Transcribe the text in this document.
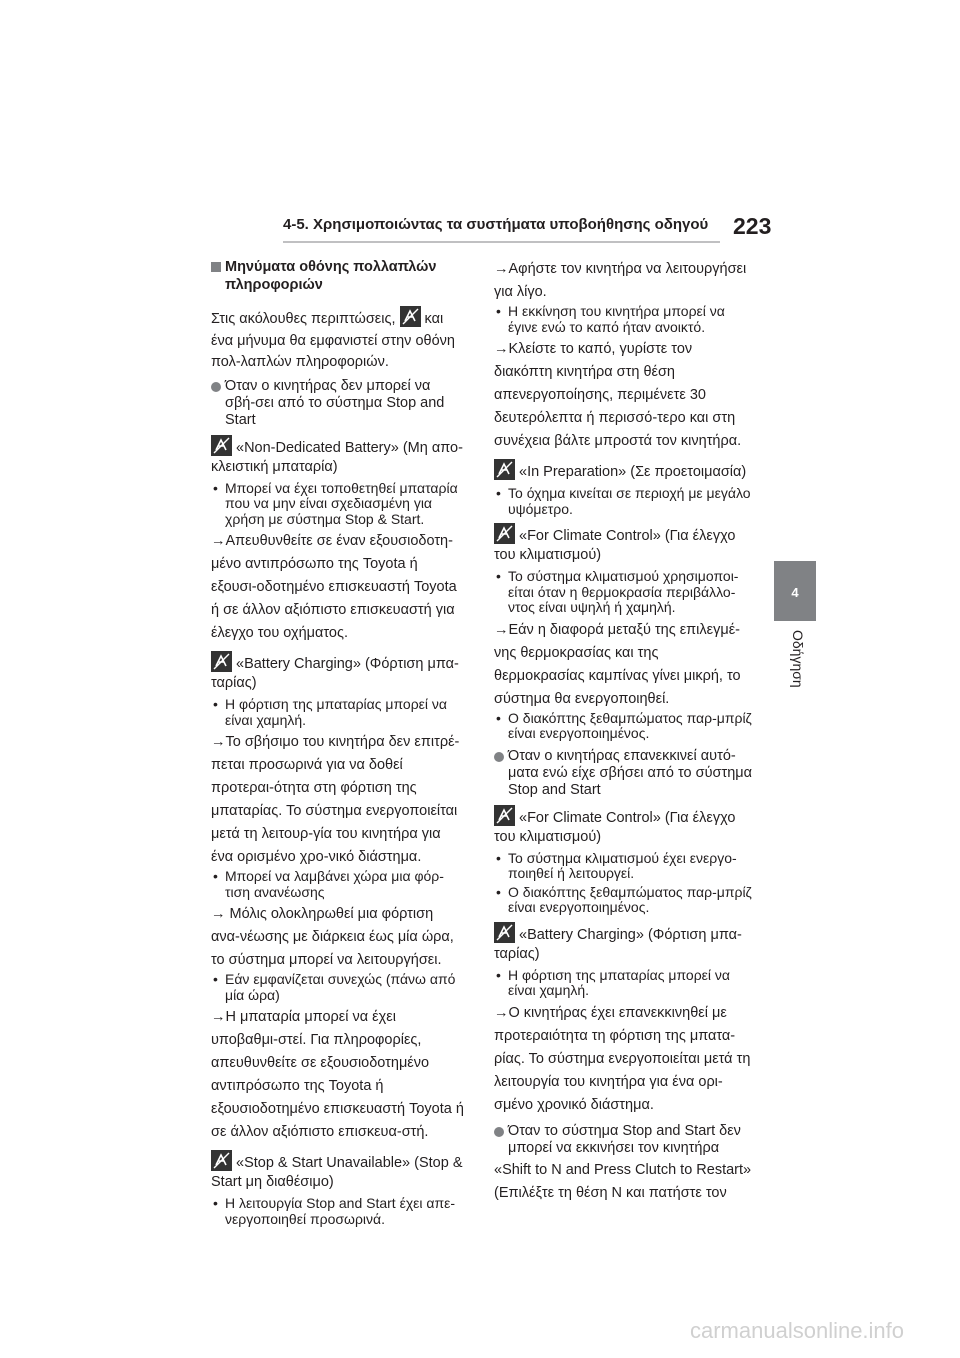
4-5. Χρησιμοποιώντας τα συστήματα υποβοήθησης οδηγού 223
4
Οδήγηση
Μηνύματα οθόνης πολλαπλών πληροφοριών

Στις ακόλουθες περιπτώσεις, και ένα μήνυμα θα εμφανιστεί στην οθόνη πολ-λαπλών πληροφοριών.

Όταν ο κινητήρας δεν μπορεί να σβή-σει από το σύστημα Stop and Start

«Non-Dedicated Battery» (Μη απο-κλειστική μπαταρία)

• Μπορεί να έχει τοποθετηθεί μπαταρία που να μην είναι σχεδιασμένη για χρήση με σύστημα Stop & Start.

→Απευθυνθείτε σε έναν εξουσιοδοτη-μένο αντιπρόσωπο της Toyota ή εξουσι-οδοτημένο επισκευαστή Toyota ή σε άλλον αξιόπιστο επισκευαστή για έλεγχο του οχήματος.

«Battery Charging» (Φόρτιση μπα-ταρίας)

• Η φόρτιση της μπαταρίας μπορεί να είναι χαμηλή.

→Το σβήσιμο του κινητήρα δεν επιτρέ-πεται προσωρινά για να δοθεί προτεραι-ότητα στη φόρτιση της μπαταρίας. Το σύστημα ενεργοποιείται μετά τη λειτουρ-γία του κινητήρα για ένα ορισμένο χρο-νικό διάστημα.

• Μπορεί να λαμβάνει χώρα μια φόρ-τιση ανανέωσης

→ Μόλις ολοκληρωθεί μια φόρτιση ανα-νέωσης με διάρκεια έως μία ώρα, το σύστημα μπορεί να λειτουργήσει.

• Εάν εμφανίζεται συνεχώς (πάνω από μία ώρα)

→Η μπαταρία μπορεί να έχει υποβαθμι-στεί. Για πληροφορίες, απευθυνθείτε σε εξουσιοδοτημένο αντιπρόσωπο της Toyota ή εξουσιοδοτημένο επισκευαστή Toyota ή σε άλλον αξιόπιστο επισκευα-στή.

«Stop & Start Unavailable» (Stop & Start μη διαθέσιμο)

• Η λειτουργία Stop and Start έχει απε-νεργοποιηθεί προσωρινά.

→Αφήστε τον κινητήρα να λειτουργήσει για λίγο.

• Η εκκίνηση του κινητήρα μπορεί να έγινε ενώ το καπό ήταν ανοικτό.

→Κλείστε το καπό, γυρίστε τον διακόπτη κινητήρα στη θέση απενεργοποίησης, περιμένετε 30 δευτερόλεπτα ή περισσό-τερο και στη συνέχεια βάλτε μπροστά τον κινητήρα.

«In Preparation» (Σε προετοιμασία)

• Το όχημα κινείται σε περιοχή με μεγάλο υψόμετρο.

«For Climate Control» (Για έλεγχο του κλιματισμού)

• Το σύστημα κλιματισμού χρησιμοποι-είται όταν η θερμοκρασία περιβάλλο-ντος είναι υψηλή ή χαμηλή.

→Εάν η διαφορά μεταξύ της επιλεγμέ-νης θερμοκρασίας και της θερμοκρασίας καμπίνας γίνει μικρή, το σύστημα θα ενεργοποιηθεί.

• Ο διακόπτης ξεθαμπώματος παρ-μπρίζ είναι ενεργοποιημένος.
Όταν ο κινητήρας επανεκκινεί αυτό-ματα ενώ είχε σβήσει από το σύστημα Stop and Start

«For Climate Control» (Για έλεγχο του κλιματισμού)

• Το σύστημα κλιματισμού έχει ενεργο-ποιηθεί ή λειτουργεί.
• Ο διακόπτης ξεθαμπώματος παρ-μπρίζ είναι ενεργοποιημένος.

«Battery Charging» (Φόρτιση μπα-ταρίας)

• Η φόρτιση της μπαταρίας μπορεί να είναι χαμηλή.

→Ο κινητήρας έχει επανεκκινηθεί με προτεραιότητα τη φόρτιση της μπατα-ρίας. Το σύστημα ενεργοποιείται μετά τη λειτουργία του κινητήρα για ένα ορι-σμένο χρονικό διάστημα.

Όταν το σύστημα Stop and Start δεν μπορεί να εκκινήσει τον κινητήρα

«Shift to N and Press Clutch to Restart» (Επιλέξτε τη θέση N και πατήστε τον

carmanualsonline.info
